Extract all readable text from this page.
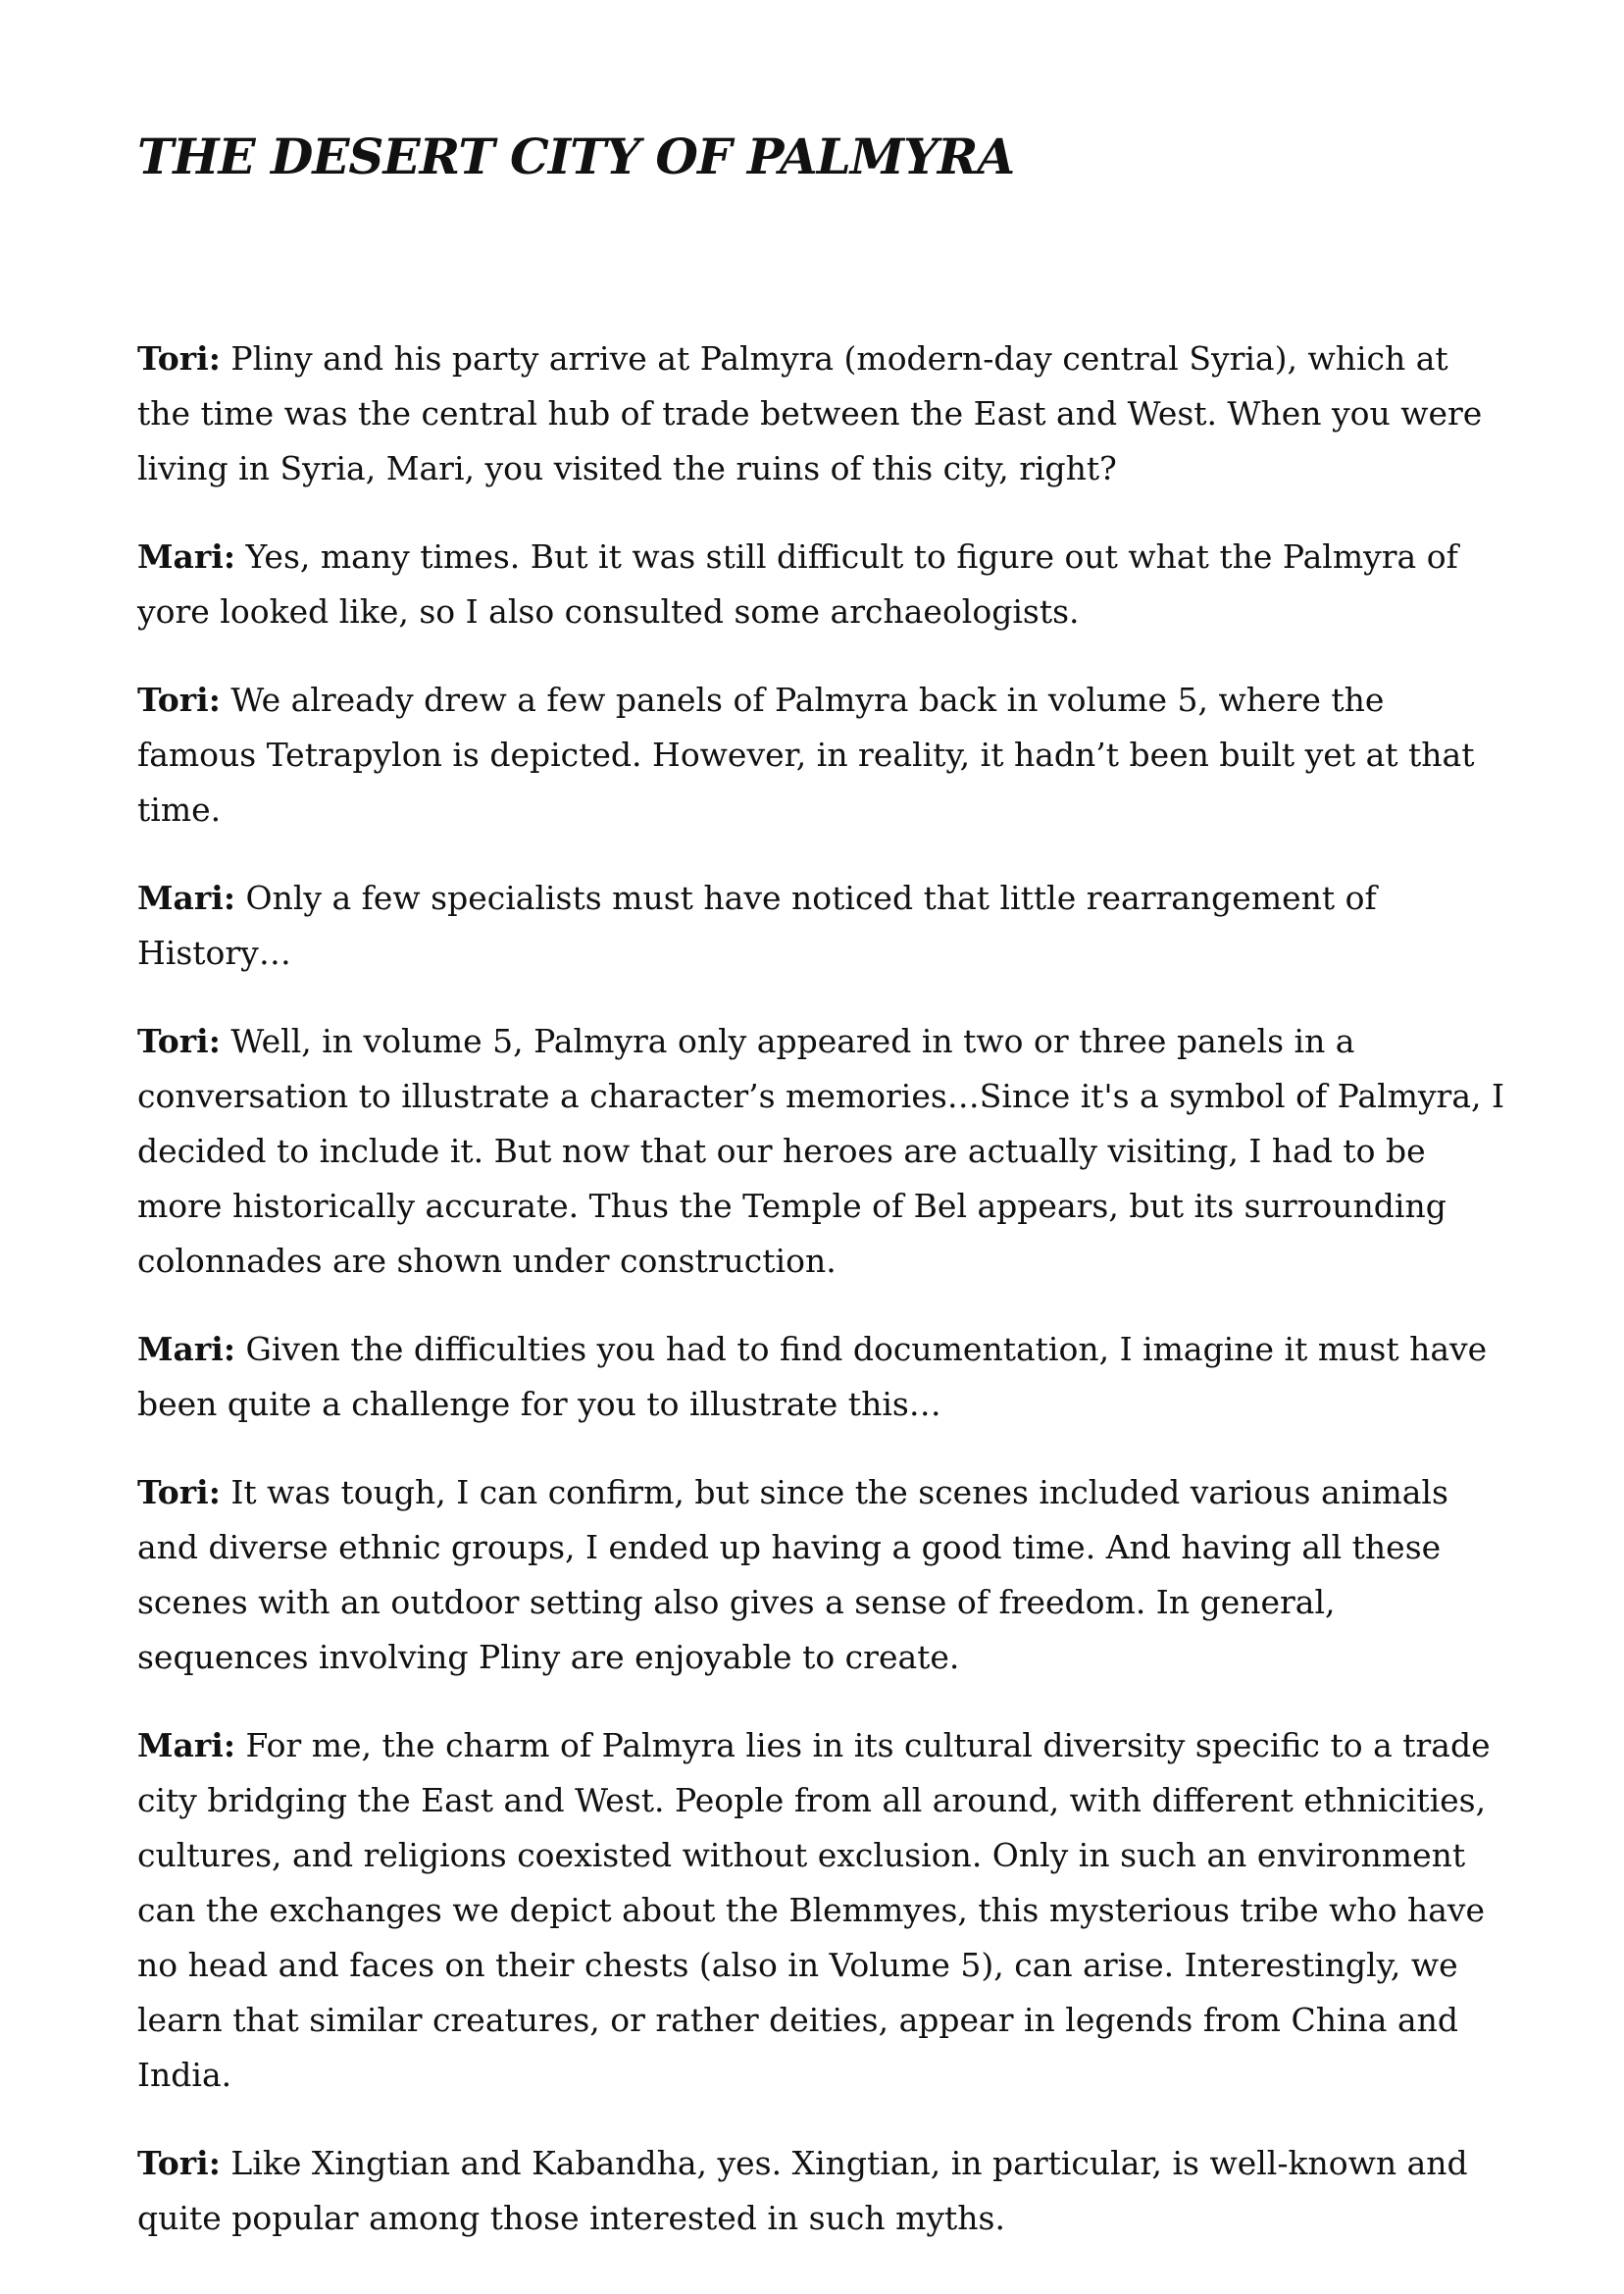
THE DESERT CITY OF PALMYRA

Tori: Pliny and his party arrive at Palmyra (modern-day central Syria), which at the time was the central hub of trade between the East and West. When you were living in Syria, Mari, you visited the ruins of this city, right?

Mari: Yes, many times. But it was still difficult to figure out what the Palmyra of yore looked like, so I also consulted some archaeologists.

Tori: We already drew a few panels of Palmyra back in volume 5, where the famous Tetrapylon is depicted. However, in reality, it hadn’t been built yet at that time.

Mari: Only a few specialists must have noticed that little rearrangement of History…

Tori: Well, in volume 5, Palmyra only appeared in two or three panels in a conversation to illustrate a character’s memories…Since it's a symbol of Palmyra, I decided to include it. But now that our heroes are actually visiting, I had to be more historically accurate. Thus the Temple of Bel appears, but its surrounding colonnades are shown under construction.

Mari: Given the difficulties you had to find documentation, I imagine it must have been quite a challenge for you to illustrate this…

Tori: It was tough, I can confirm, but since the scenes included various animals and diverse ethnic groups, I ended up having a good time. And having all these scenes with an outdoor setting also gives a sense of freedom. In general, sequences involving Pliny are enjoyable to create.

Mari: For me, the charm of Palmyra lies in its cultural diversity specific to a trade city bridging the East and West. People from all around, with different ethnicities, cultures, and religions coexisted without exclusion. Only in such an environment can the exchanges we depict about the Blemmyes, this mysterious tribe who have no head and faces on their chests (also in Volume 5), can arise. Interestingly, we learn that similar creatures, or rather deities, appear in legends from China and India.

Tori: Like Xingtian and Kabandha, yes. Xingtian, in particular, is well-known and quite popular among those interested in such myths.
